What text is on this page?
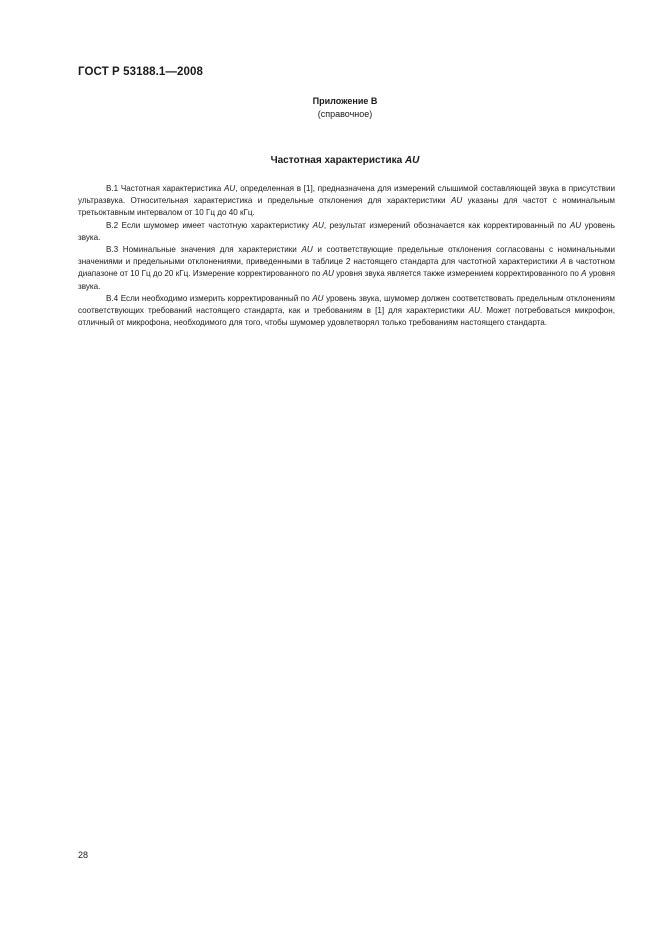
ГОСТ Р 53188.1—2008
Приложение В
(справочное)
Частотная характеристика AU

В.1 Частотная характеристика AU, определенная в [1], предназначена для измерений слышимой составляющей звука в присутствии ультразвука. Относительная характеристика и предельные отклонения для характеристики AU указаны для частот с номинальным третьоктавным интервалом от 10 Гц до 40 кГц.

В.2 Если шумомер имеет частотную характеристику AU, результат измерений обозначается как корректированный по AU уровень звука.

В.3 Номинальные значения для характеристики AU и соответствующие предельные отклонения согласованы с номинальными значениями и предельными отклонениями, приведенными в таблице 2 настоящего стандарта для частотной характеристики A в частотном диапазоне от 10 Гц до 20 кГц. Измерение корректированного по AU уровня звука является также измерением корректированного по A уровня звука.

В.4 Если необходимо измерить корректированный по AU уровень звука, шумомер должен соответствовать предельным отклонениям соответствующих требований настоящего стандарта, как и требованиям в [1] для характеристики AU. Может потребоваться микрофон, отличный от микрофона, необходимого для того, чтобы шумомер удовлетворял только требованиям настоящего стандарта.

28
